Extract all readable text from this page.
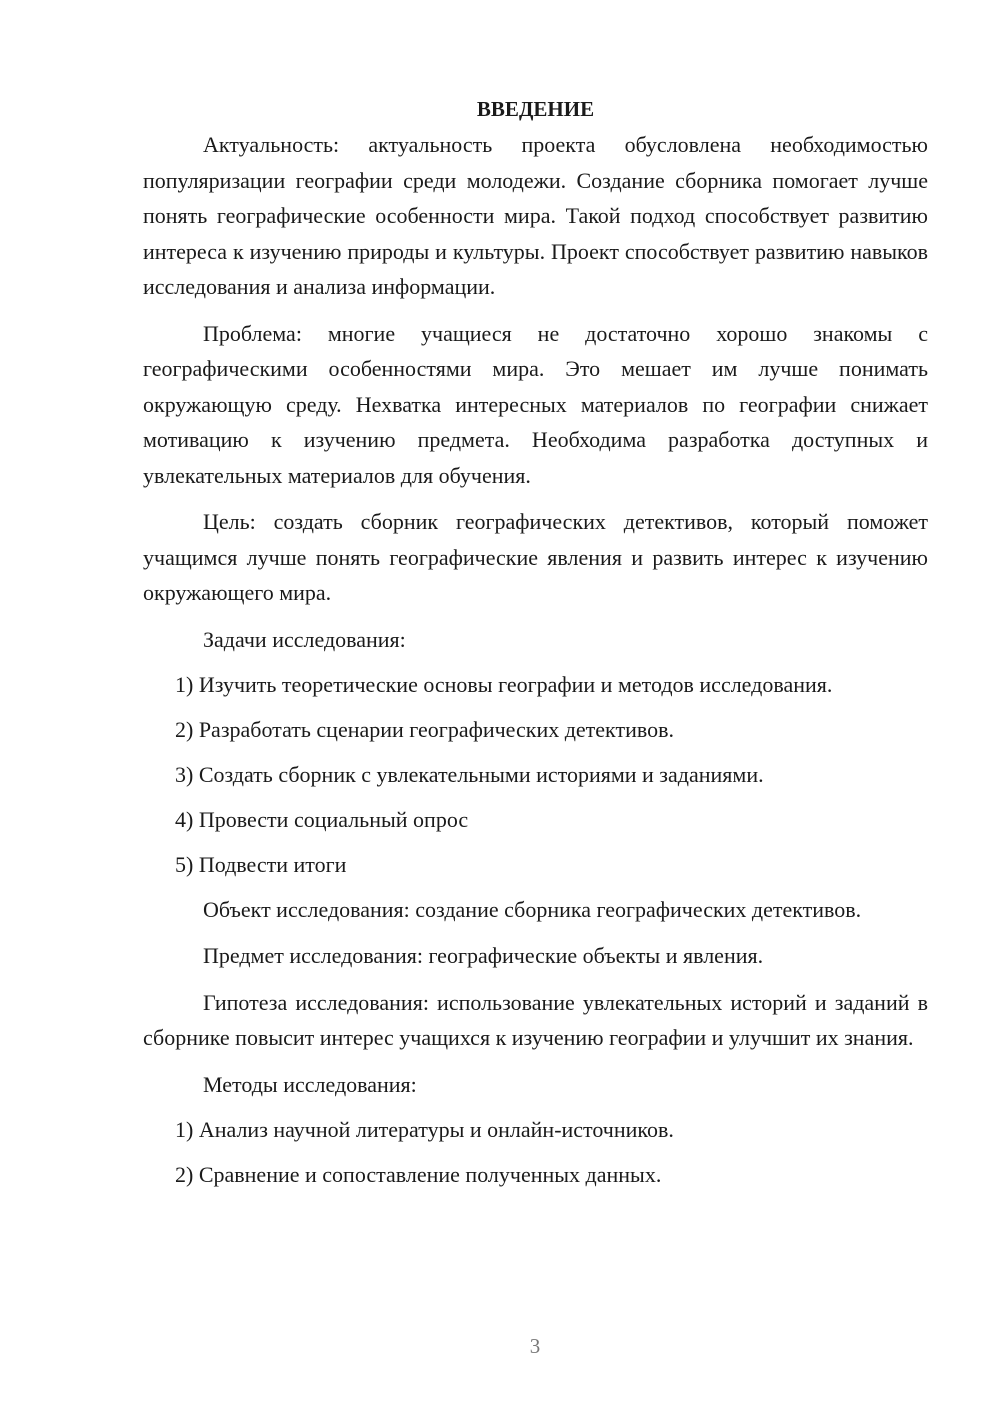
ВВЕДЕНИЕ

Актуальность: актуальность проекта обусловлена необходимостью популяризации географии среди молодежи. Создание сборника помогает лучше понять географические особенности мира. Такой подход способствует развитию интереса к изучению природы и культуры. Проект способствует развитию навыков исследования и анализа информации.

Проблема: многие учащиеся не достаточно хорошо знакомы с географическими особенностями мира. Это мешает им лучше понимать окружающую среду. Нехватка интересных материалов по географии снижает мотивацию к изучению предмета. Необходима разработка доступных и увлекательных материалов для обучения.

Цель: создать сборник географических детективов, который поможет учащимся лучше понять географические явления и развить интерес к изучению окружающего мира.

Задачи исследования:
1) Изучить теоретические основы географии и методов исследования.
2) Разработать сценарии географических детективов.
3) Создать сборник с увлекательными историями и заданиями.
4) Провести социальный опрос
5) Подвести итоги

Объект исследования: создание сборника географических детективов.

Предмет исследования: географические объекты и явления.

Гипотеза исследования: использование увлекательных историй и заданий в сборнике повысит интерес учащихся к изучению географии и улучшит их знания.

Методы исследования:
1) Анализ научной литературы и онлайн-источников.
2) Сравнение и сопоставление полученных данных.
3
